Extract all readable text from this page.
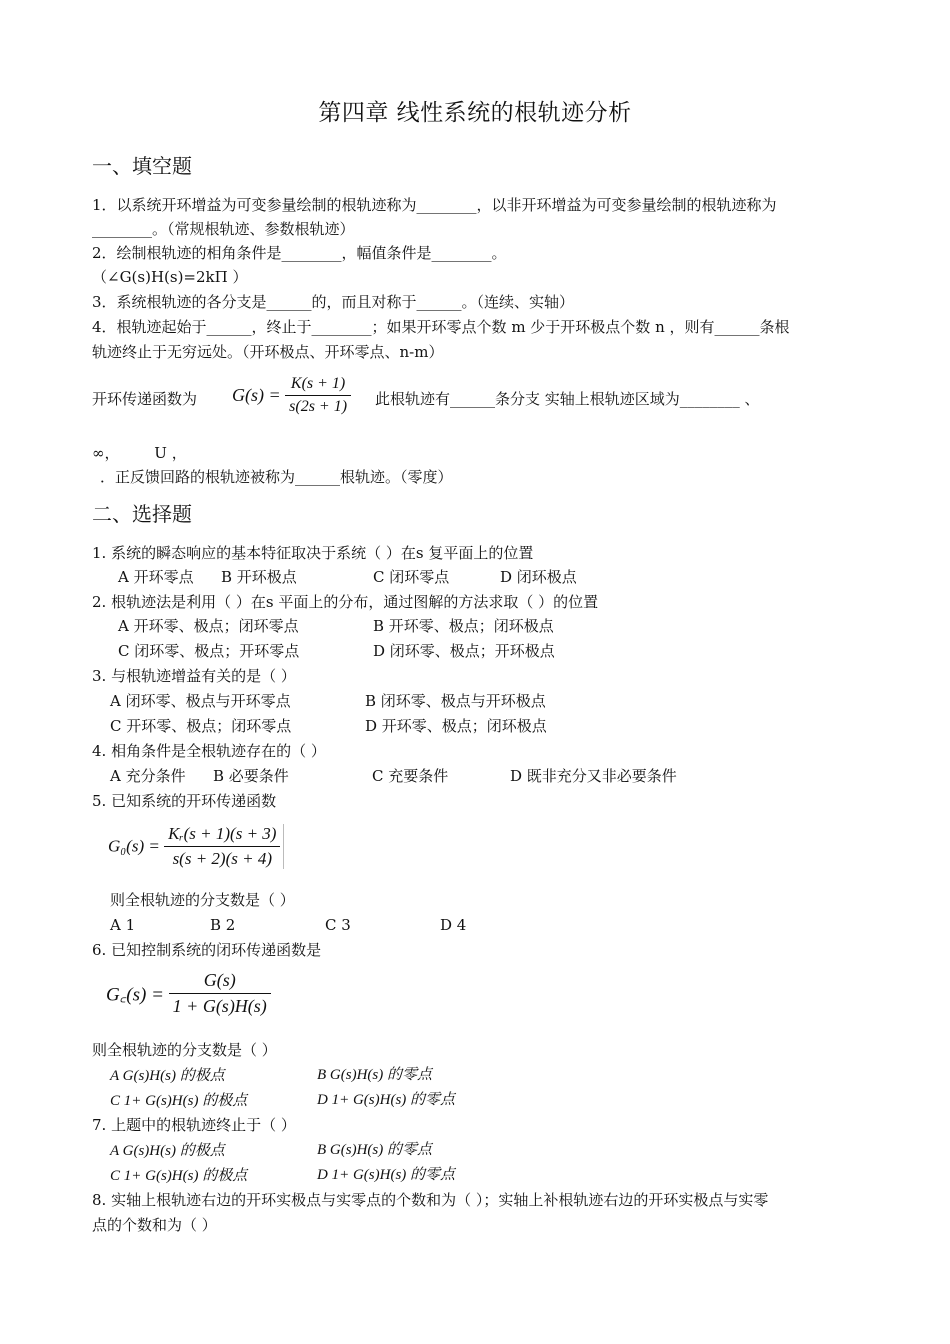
第四章 线性系统的根轨迹分析
一、填空题
1．以系统开环增益为可变参量绘制的根轨迹称为________，以非开环增益为可变参量绘制的根轨迹称为
________。（常规根轨迹、参数根轨迹）
2．绘制根轨迹的相角条件是________，幅值条件是________。
（∠G(s)H(s)=2kΠ ）
3．系统根轨迹的各分支是______的，而且对称于______。（连续、实轴）
4．根轨迹起始于______，终止于________；如果开环零点个数 m 少于开环极点个数 n ，则有______条根
轨迹终止于无穷远处。（开环极点、开环零点、n-m）
开环传递函数为	$G(s) = \frac{K(s + 1)}{s(2s + 1)}$ 此根轨迹有______条分支 实轴上根轨迹区域为________ 、
∞， U ，
．正反馈回路的根轨迹被称为______根轨迹。（零度）
二、选择题
1. 系统的瞬态响应的基本特征取决于系统（ ）在s 复平面上的位置
A 开环零点 B 开环极点	C 闭环零点	D 闭环极点
2. 根轨迹法是利用（ ）在s 平面上的分布，通过图解的方法求取（ ）的位置
A 开环零、极点；闭环零点	B 开环零、极点；闭环极点
C 闭环零、极点；开环零点	D 闭环零、极点；开环极点
3. 与根轨迹增益有关的是（ ）
A 闭环零、极点与开环零点	B 闭环零、极点与开环极点
C 开环零、极点；闭环零点	D 开环零、极点；闭环极点
4. 相角条件是全根轨迹存在的（ ）
A 充分条件 B 必要条件	C 充要条件	D 既非充分又非必要条件
5. 已知系统的开环传递函数
$G_0(s) = \frac{\text{Kᵣ(s + 1)(s + 3)}}{s(s + 2)(s + 4)}$
则全根轨迹的分支数是（ ）
A 1	B 2	C 3	D 4
6. 已知控制系统的闭环传递函数是
G꜀(s) = $\frac{G(s)}{1 + G(s)H(s)}$
则全根轨迹的分支数是（ ）
A G(s)H(s) 的极点	B G(s)H(s) 的零点
C 1+ G(s)H(s) 的极点	D 1+ G(s)H(s) 的零点
7. 上题中的根轨迹终止于（ ）
A G(s)H(s) 的极点	B G(s)H(s) 的零点
C 1+ G(s)H(s) 的极点	D 1+ G(s)H(s) 的零点
8. 实轴上根轨迹右边的开环实极点与实零点的个数和为（ ）；实轴上补根轨迹右边的开环实极点与实零
点的个数和为（ ）
